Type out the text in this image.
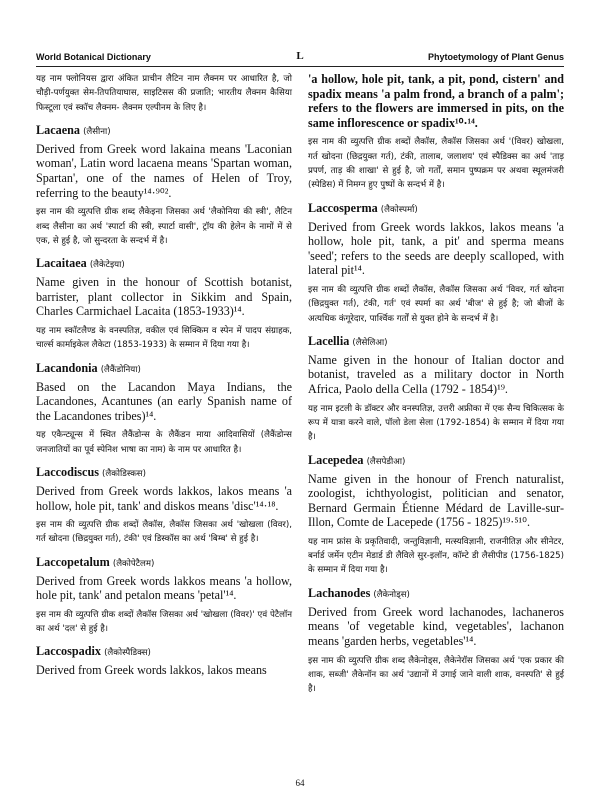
World Botanical Dictionary	L	Phytoetymology of Plant Genus

यह नाम फ्लोनियस द्वारा अंकित प्राचीन लैटिन नाम लैक्नम पर आधारित है, जो चौड़ी-पर्णयुक्त सेम-तिपतियाघास, साइटिसस की प्रजाति; भारतीय लैक्नम कैसिया फिस्टूला एवं स्कॉच लैक्नम- लैक्नम एल्पीनम के लिए है।

Lacaena (लैसीना)

Derived from Greek word lakaina means 'Laconian woman', Latin word lacaena means 'Spartan woman, Spartan', one of the names of Helen of Troy, referring to the beauty¹⁴·⁹⁰².

इस नाम की व्युत्पत्ति ग्रीक शब्द लैकेइना जिसका अर्थ 'लैकोनिया की स्त्री', लैटिन शब्द लैसीना का अर्थ 'स्पार्टा की स्त्री, स्पार्टा वासी', ट्रॉय की हेलेन के नामों में से एक, से हुई है, जो सुन्दरता के सन्दर्भ में है।

Lacaitaea (लैकेटेइया)

Name given in the honour of Scottish botanist, barrister, plant collector in Sikkim and Spain, Charles Carmichael Lacaita (1853-1933)¹⁴.

यह नाम स्कॉटलैण्ड के वनस्पतिज्ञ, वकील एवं सिक्किम व स्पेन में पादप संग्राहक, चार्ल्स कार्माइकेल लैकेटा (1853-1933) के सम्मान में दिया गया है।

Lacandonia (लैकैंडोनिया)

Based on the Lacandon Maya Indians, the Lacandones, Acantunes (an early Spanish name of the Lacandones tribes)¹⁴.

यह एकैन्ट्यून्स में स्थित लैकैंडोन्स के लैकैंडन माया आदिवासियों (लैकैंडोन्स जनजातियों का पूर्व स्पेनिश भाषा का नाम) के नाम पर आधारित है।

Laccodiscus (लैकोडिस्कस)

Derived from Greek words lakkos, lakos means 'a hollow, hole pit, tank' and diskos means 'disc'¹⁴·¹⁸.

इस नाम की व्युत्पत्ति ग्रीक शब्दों लैकॉस, लैकॉस जिसका अर्थ 'खोखला (विवर), गर्त खोदना (छिद्रयुक्त गर्त), टंकी' एवं डिस्कॉस का अर्थ 'बिम्ब' से हुई है।

Laccopetalum (लैकोपेटैलम)

Derived from Greek words lakkos means 'a hollow, hole pit, tank' and petalon means 'petal'¹⁴.

इस नाम की व्युत्पत्ति ग्रीक शब्दों लैकॉस जिसका अर्थ 'खोखला (विवर)' एवं पेटैलॉन का अर्थ 'दल' से हुई है।

Laccospadix (लैकोस्पैडिक्स)

Derived from Greek words lakkos, lakos means

'a hollow, hole pit, tank, a pit, pond, cistern' and spadix means 'a palm frond, a branch of a palm'; refers to the flowers are immersed in pits, on the same inflorescence or spadix¹⁰·¹⁴.

इस नाम की व्युत्पत्ति ग्रीक शब्दों लैकॉस, लैकॉस जिसका अर्थ '(विवर) खोखला, गर्त खोदना (छिद्रयुक्त गर्त), टंकी, तालाब, जलाशय' एवं स्पैडिक्स का अर्थ 'ताड़ प्रपर्ण, ताड़ की शाखा' से हुई है, जो गर्तों, समान पुष्पक्रम पर अथवा स्थूलमंजरी (स्पेडिस) में निमग्न हुए पुष्पों के सन्दर्भ में है।

Laccosperma (लैकोस्पर्मा)

Derived from Greek words lakkos, lakos means 'a hollow, hole pit, tank, a pit' and sperma means 'seed'; refers to the seeds are deeply scalloped, with lateral pit¹⁴.

इस नाम की व्युत्पत्ति ग्रीक शब्दों लैकॉस, लैकॉस जिसका अर्थ 'विवर, गर्त खोदना (छिद्रयुक्त गर्त), टंकी, गर्त' एवं स्पर्मा का अर्थ 'बीज' से हुई है; जो बीजों के अत्यधिक कंगूरेदार, पार्श्विक गर्तों से युक्त होने के सन्दर्भ में है।

Lacellia (लैसेलिआ)

Name given in the honour of Italian doctor and botanist, traveled as a military doctor in North Africa, Paolo della Cella (1792 - 1854)¹⁹.

यह नाम इटली के डॉक्टर और वनस्पतिज्ञ, उत्तरी अफ्रीका में एक सैन्य चिकित्सक के रूप में यात्रा करने वाले, पॉलो डेला सेला (1792-1854) के सम्मान में दिया गया है।

Lacepedea (लैसपेडीआ)

Name given in the honour of French naturalist, zoologist, ichthyologist, politician and senator, Bernard Germain Étienne Médard de Laville-sur-Illon, Comte de Lacepede (1756 - 1825)¹⁹·⁵¹⁰.

यह नाम फ्रांस के प्रकृतिवादी, जन्तुविज्ञानी, मत्स्यविज्ञानी, राजनीतिज्ञ और सीनेटर, बर्नार्ड जर्मेन एटीन मेडार्ड डी लैविले सुर-इलॉन, कॉम्टे डी लैसीपीड (1756-1825) के सम्मान में दिया गया है।

Lachanodes (लैकेनोड्स)

Derived from Greek word lachanodes, lachaneros means 'of vegetable kind, vegetables', lachanon means 'garden herbs, vegetables'¹⁴.

इस नाम की व्युत्पत्ति ग्रीक शब्द लैकेनोड्स, लैकेनेरॉस जिसका अर्थ 'एक प्रकार की शाक, सब्जी' लैकेनॉन का अर्थ 'उद्यानों में उगाई जाने वाली शाक, वनस्पति' से हुई है।

64
